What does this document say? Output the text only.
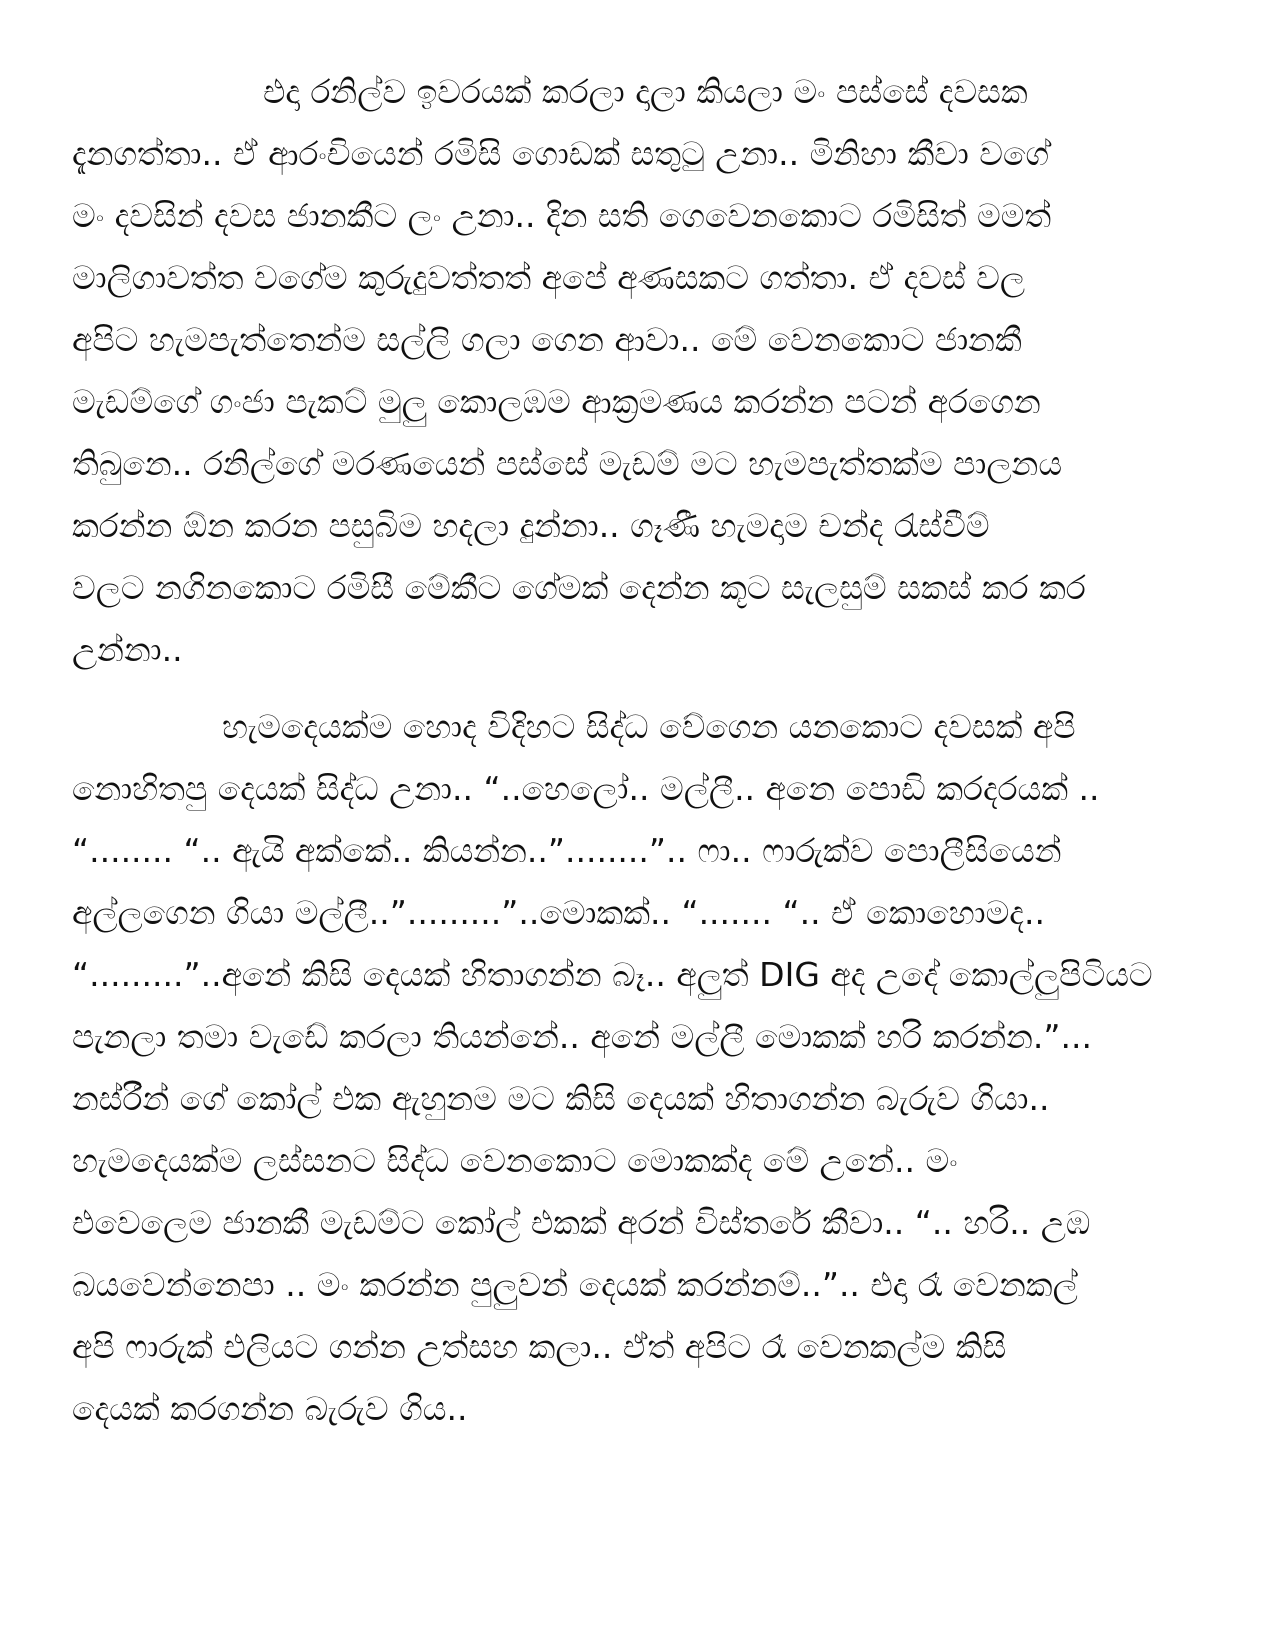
එදා රනිල්ව ඉවරයක් කරලා දාලා කියලා මං පස්සේ දවසක

දැනගත්තා.. ඒ ආරංචියෙන් රමිසි ගොඩක් සතුටු උනා.. මිනිහා කීවා වගේ

මං දවසින් දවස ජානකීට ලං උනා.. දින සති ගෙවෙනකොට රමිසිත් මමත්

මාලිගාවත්ත වගේම කුරුදුවත්තත් අපේ අණසකට ගත්තා. ඒ දවස් වල

අපිට හැමපැත්තෙන්ම සල්ලි ගලා ගෙන ආවා.. මේ වෙනකොට ජානකී

මැඩම්ගේ ගංජා පැකට් මුලු කොලඹම ආක්‍රමණය කරන්න පටන් අරගෙන

තිබුනෙ.. රනිල්ගේ මරණයෙන් පස්සේ මැඩම් මට හැමපැත්තක්ම පාලනය

කරන්න ඕන කරන පසුබිම හදලා දුන්නා.. ගෑණී හැමදාම චන්ද රැස්වීම්

වලට නගිනකොට රමිසී මේකීට ගේමක් දෙන්න කූට සැලසුම් සකස් කර කර

උන්නා..

හැමදෙයක්ම හොද විදිහට සිද්ධ වේගෙන යනකොට දවසක් අපි

නොහිතපු දෙයක් සිද්ධ උනා.. “..හෙලෝ.. මල්ලී.. අනෙ පොඩි කරදරයක් ..

“........ “.. ඇයි අක්කේ.. කියන්න..”........”.. ෆා.. ෆාරුක්ව පොලීසියෙන්

අල්ලගෙන ගියා මල්ලී..”.........”..මොකක්.. “....... “.. ඒ කොහොමද..

“.........”..අනේ කිසි දෙයක් හිතාගන්න බෑ.. අලුත් DIG අද උදේ කොල්ලුපිටියට

පැනලා තමා වැඩේ කරලා තියන්නේ.. අනේ මල්ලී මොකක් හරි කරන්න.”...

නස්රීන් ගේ කෝල් එක ඇහුනම මට කිසි දෙයක් හිතාගන්න බැරුව ගියා..

හැමදෙයක්ම ලස්සනට සිද්ධ වෙනකොට මොකක්ද මේ උනේ.. මං

එවෙලෙම ජානකී මැඩම්ට කෝල් එකක් අරන් විස්තරේ කීවා.. “.. හරි.. උඹ

බයවෙන්නෙපා .. මං කරන්න පුලුවන් දෙයක් කරන්නම්..”.. එදා රෑ වෙනකල්

අපි ෆාරුක් එලියට ගන්න උත්සහ කලා.. ඒත් අපිට රෑ වෙනකල්ම කිසි

දෙයක් කරගන්න බැරුව ගිය..
